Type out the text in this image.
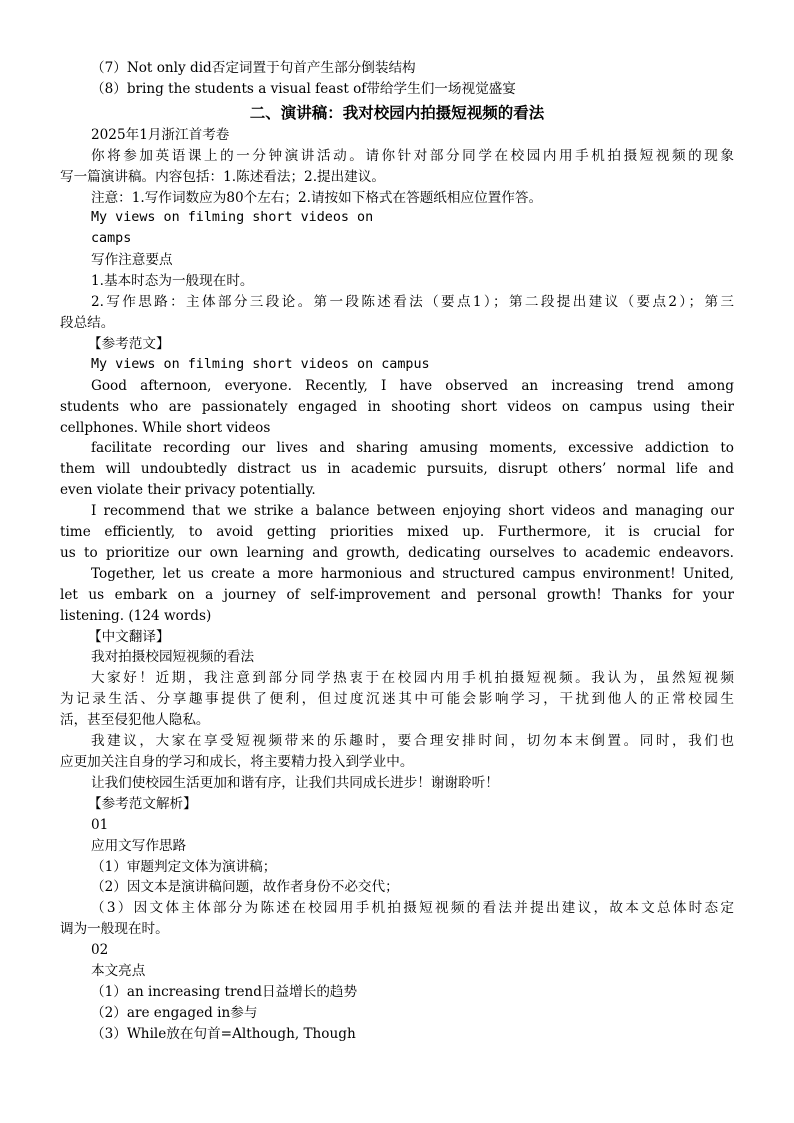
（7）Not only did否定词置于句首产生部分倒装结构

（8）bring the students a visual feast of带给学生们一场视觉盛宴

二、演讲稿：我对校园内拍摄短视频的看法

2025年1月浙江首考卷

你将参加英语课上的一分钟演讲活动。请你针对部分同学在校园内用手机拍摄短视频的现象

写一篇演讲稿。内容包括：1.陈述看法；2.提出建议。

注意：1.写作词数应为80个左右；2.请按如下格式在答题纸相应位置作答。

My views on filming short videos on

camps

写作注意要点

1.基本时态为一般现在时。

2.写作思路：主体部分三段论。第一段陈述看法（要点1）；第二段提出建议（要点2）；第三

段总结。

【参考范文】

My views on filming short videos on campus

Good afternoon, everyone. Recently, I have observed an increasing trend among

students who are passionately engaged in shooting short videos on campus using their

cellphones. While short videos

facilitate recording our lives and sharing amusing moments, excessive addiction to

them will undoubtedly distract us in academic pursuits, disrupt others’ normal life and

even violate their privacy potentially.

I recommend that we strike a balance between enjoying short videos and managing our

time efficiently, to avoid getting priorities mixed up. Furthermore, it is crucial for

us to prioritize our own learning and growth, dedicating ourselves to academic endeavors.

Together, let us create a more harmonious and structured campus environment! United,

let us embark on a journey of self-improvement and personal growth! Thanks for your

listening. (124 words)

【中文翻译】

我对拍摄校园短视频的看法

大家好！近期，我注意到部分同学热衷于在校园内用手机拍摄短视频。我认为，虽然短视频

为记录生活、分享趣事提供了便利，但过度沉迷其中可能会影响学习，干扰到他人的正常校园生

活，甚至侵犯他人隐私。

我建议，大家在享受短视频带来的乐趣时，要合理安排时间，切勿本末倒置。同时，我们也

应更加关注自身的学习和成长，将主要精力投入到学业中。

让我们使校园生活更加和谐有序，让我们共同成长进步！谢谢聆听！

【参考范文解析】

01

应用文写作思路

（1）审题判定文体为演讲稿；

（2）因文本是演讲稿问题，故作者身份不必交代；

（3）因文体主体部分为陈述在校园用手机拍摄短视频的看法并提出建议，故本文总体时态定

调为一般现在时。

02

本文亮点

（1）an increasing trend日益增长的趋势

（2）are engaged in参与

（3）While放在句首=Although, Though
